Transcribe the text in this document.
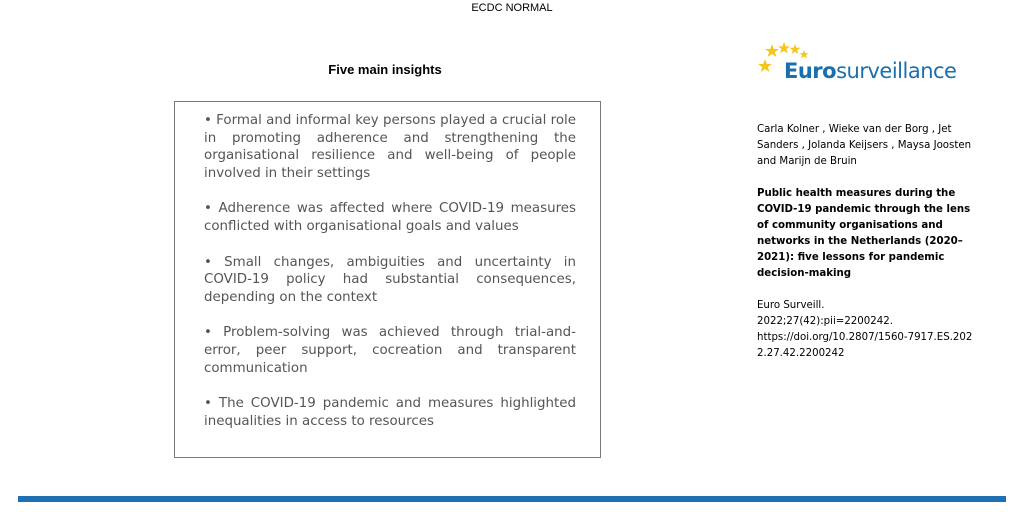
ECDC NORMAL
Five main insights

• Formal and informal key persons played a crucial role in promoting adherence and strengthening the organisational resilience and well-being of people involved in their settings

• Adherence was affected where COVID-19 measures conflicted with organisational goals and values

• Small changes, ambiguities and uncertainty in COVID-19 policy had substantial consequences, depending on the context

• Problem-solving was achieved through trial-and-error, peer support, cocreation and transparent communication

• The COVID-19 pandemic and measures highlighted inequalities in access to resources

Eurosurveillance

Carla Kolner , Wieke van der Borg , Jet Sanders , Jolanda Keijsers , Maysa Joosten and Marijn de Bruin

Public health measures during the COVID-19 pandemic through the lens of community organisations and networks in the Netherlands (2020–2021): five lessons for pandemic decision-making

Euro Surveill.

2022;27(42):pii=2200242.

https://doi.org/10.2807/1560-7917.ES.2022.27.42.2200242
